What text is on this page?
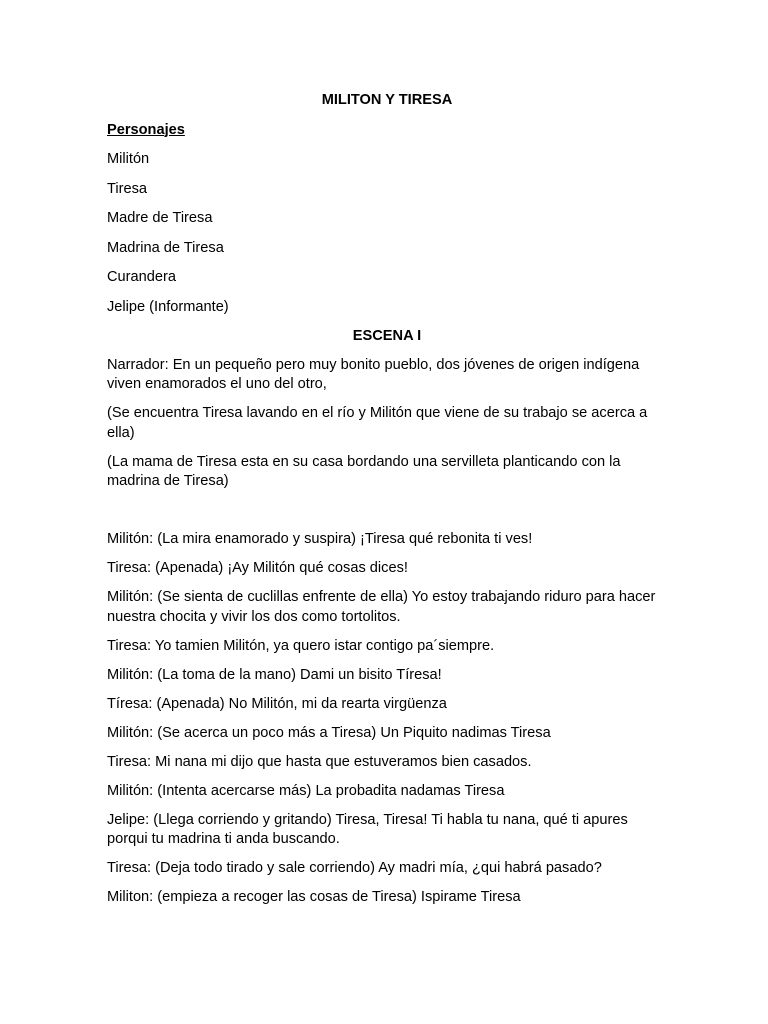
MILITON Y TIRESA
Personajes
Militón
Tiresa
Madre de Tiresa
Madrina de Tiresa
Curandera
Jelipe (Informante)
ESCENA I
Narrador: En un pequeño pero muy bonito pueblo, dos jóvenes de origen indígena viven enamorados el uno del otro,
(Se encuentra Tiresa lavando en el río y Militón que viene de su trabajo se acerca a ella)
(La mama de Tiresa esta en su casa bordando una servilleta planticando con la madrina de Tiresa)
Militón: (La mira enamorado y suspira) ¡Tiresa qué rebonita ti ves!
Tiresa: (Apenada) ¡Ay Militón qué cosas dices!
Militón: (Se sienta de cuclillas enfrente de ella) Yo estoy trabajando riduro para hacer nuestra chocita y vivir los dos como tortolitos.
Tiresa: Yo tamien Militón, ya quero istar contigo pa´siempre.
Militón: (La toma de la mano) Dami un bisito Tíresa!
Tíresa: (Apenada) No Militón, mi da rearta virgüenza
Militón: (Se acerca un poco más a Tiresa) Un Piquito nadimas Tiresa
Tiresa: Mi nana mi dijo que hasta que estuveramos bien casados.
Militón: (Intenta acercarse más) La probadita nadamas Tiresa
Jelipe: (Llega corriendo y gritando) Tiresa, Tiresa! Ti habla tu nana, qué ti apures porqui tu madrina ti anda buscando.
Tiresa: (Deja todo tirado y sale corriendo) Ay madri mía, ¿qui habrá pasado?
Militon: (empieza a recoger las cosas de Tiresa) Ispirame Tiresa
